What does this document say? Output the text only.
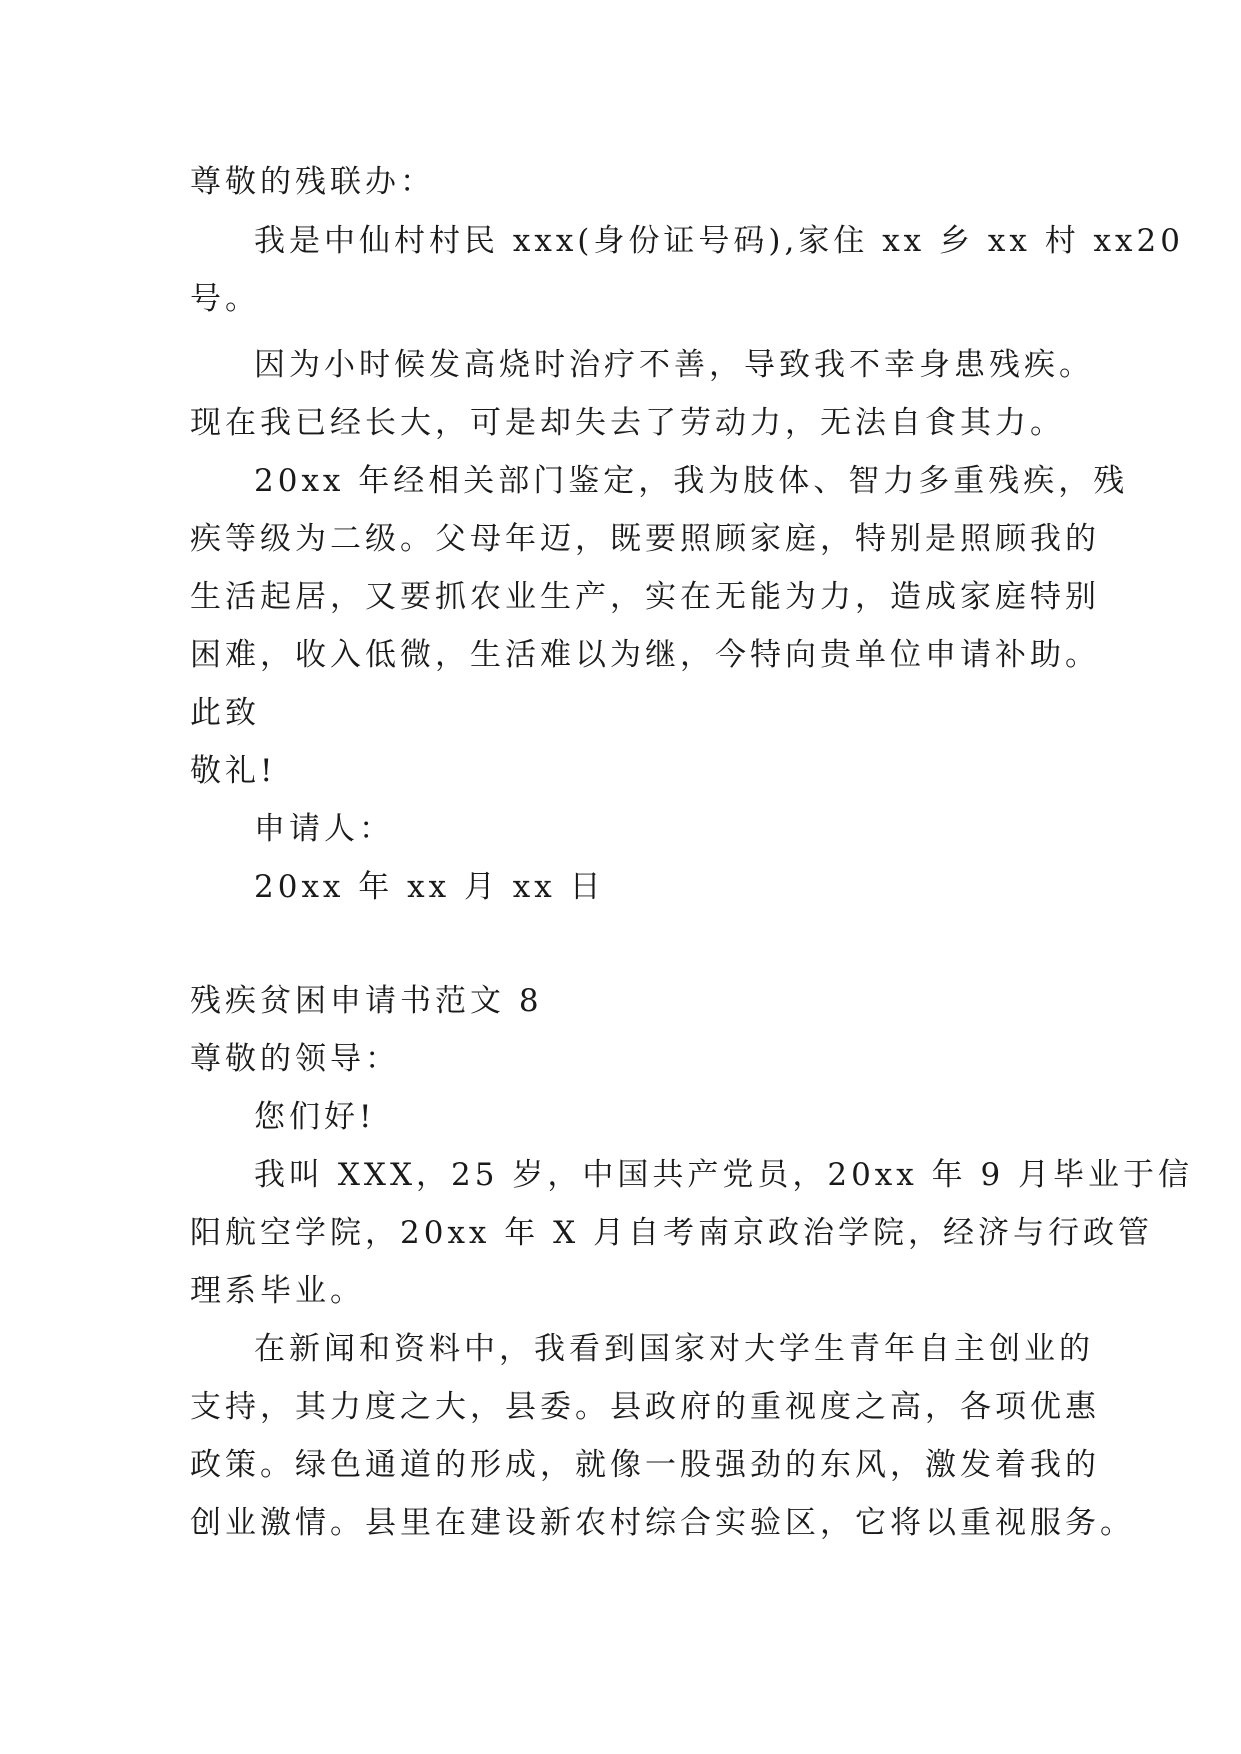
尊敬的残联办：
我是中仙村村民 xxx(身份证号码),家住 xx 乡 xx 村 xx20
号。
因为小时候发高烧时治疗不善，导致我不幸身患残疾。
现在我已经长大，可是却失去了劳动力，无法自食其力。
20xx 年经相关部门鉴定，我为肢体、智力多重残疾，残
疾等级为二级。父母年迈，既要照顾家庭，特别是照顾我的
生活起居，又要抓农业生产，实在无能为力，造成家庭特别
困难，收入低微，生活难以为继，今特向贵单位申请补助。
此致
敬礼!
申请人：
20xx 年 xx 月 xx 日
残疾贫困申请书范文 8
尊敬的领导：
您们好!
我叫 XXX，25 岁，中国共产党员，20xx 年 9 月毕业于信
阳航空学院，20xx 年 X 月自考南京政治学院，经济与行政管
理系毕业。
在新闻和资料中，我看到国家对大学生青年自主创业的
支持，其力度之大，县委。县政府的重视度之高，各项优惠
政策。绿色通道的形成，就像一股强劲的东风，激发着我的
创业激情。县里在建设新农村综合实验区，它将以重视服务。
